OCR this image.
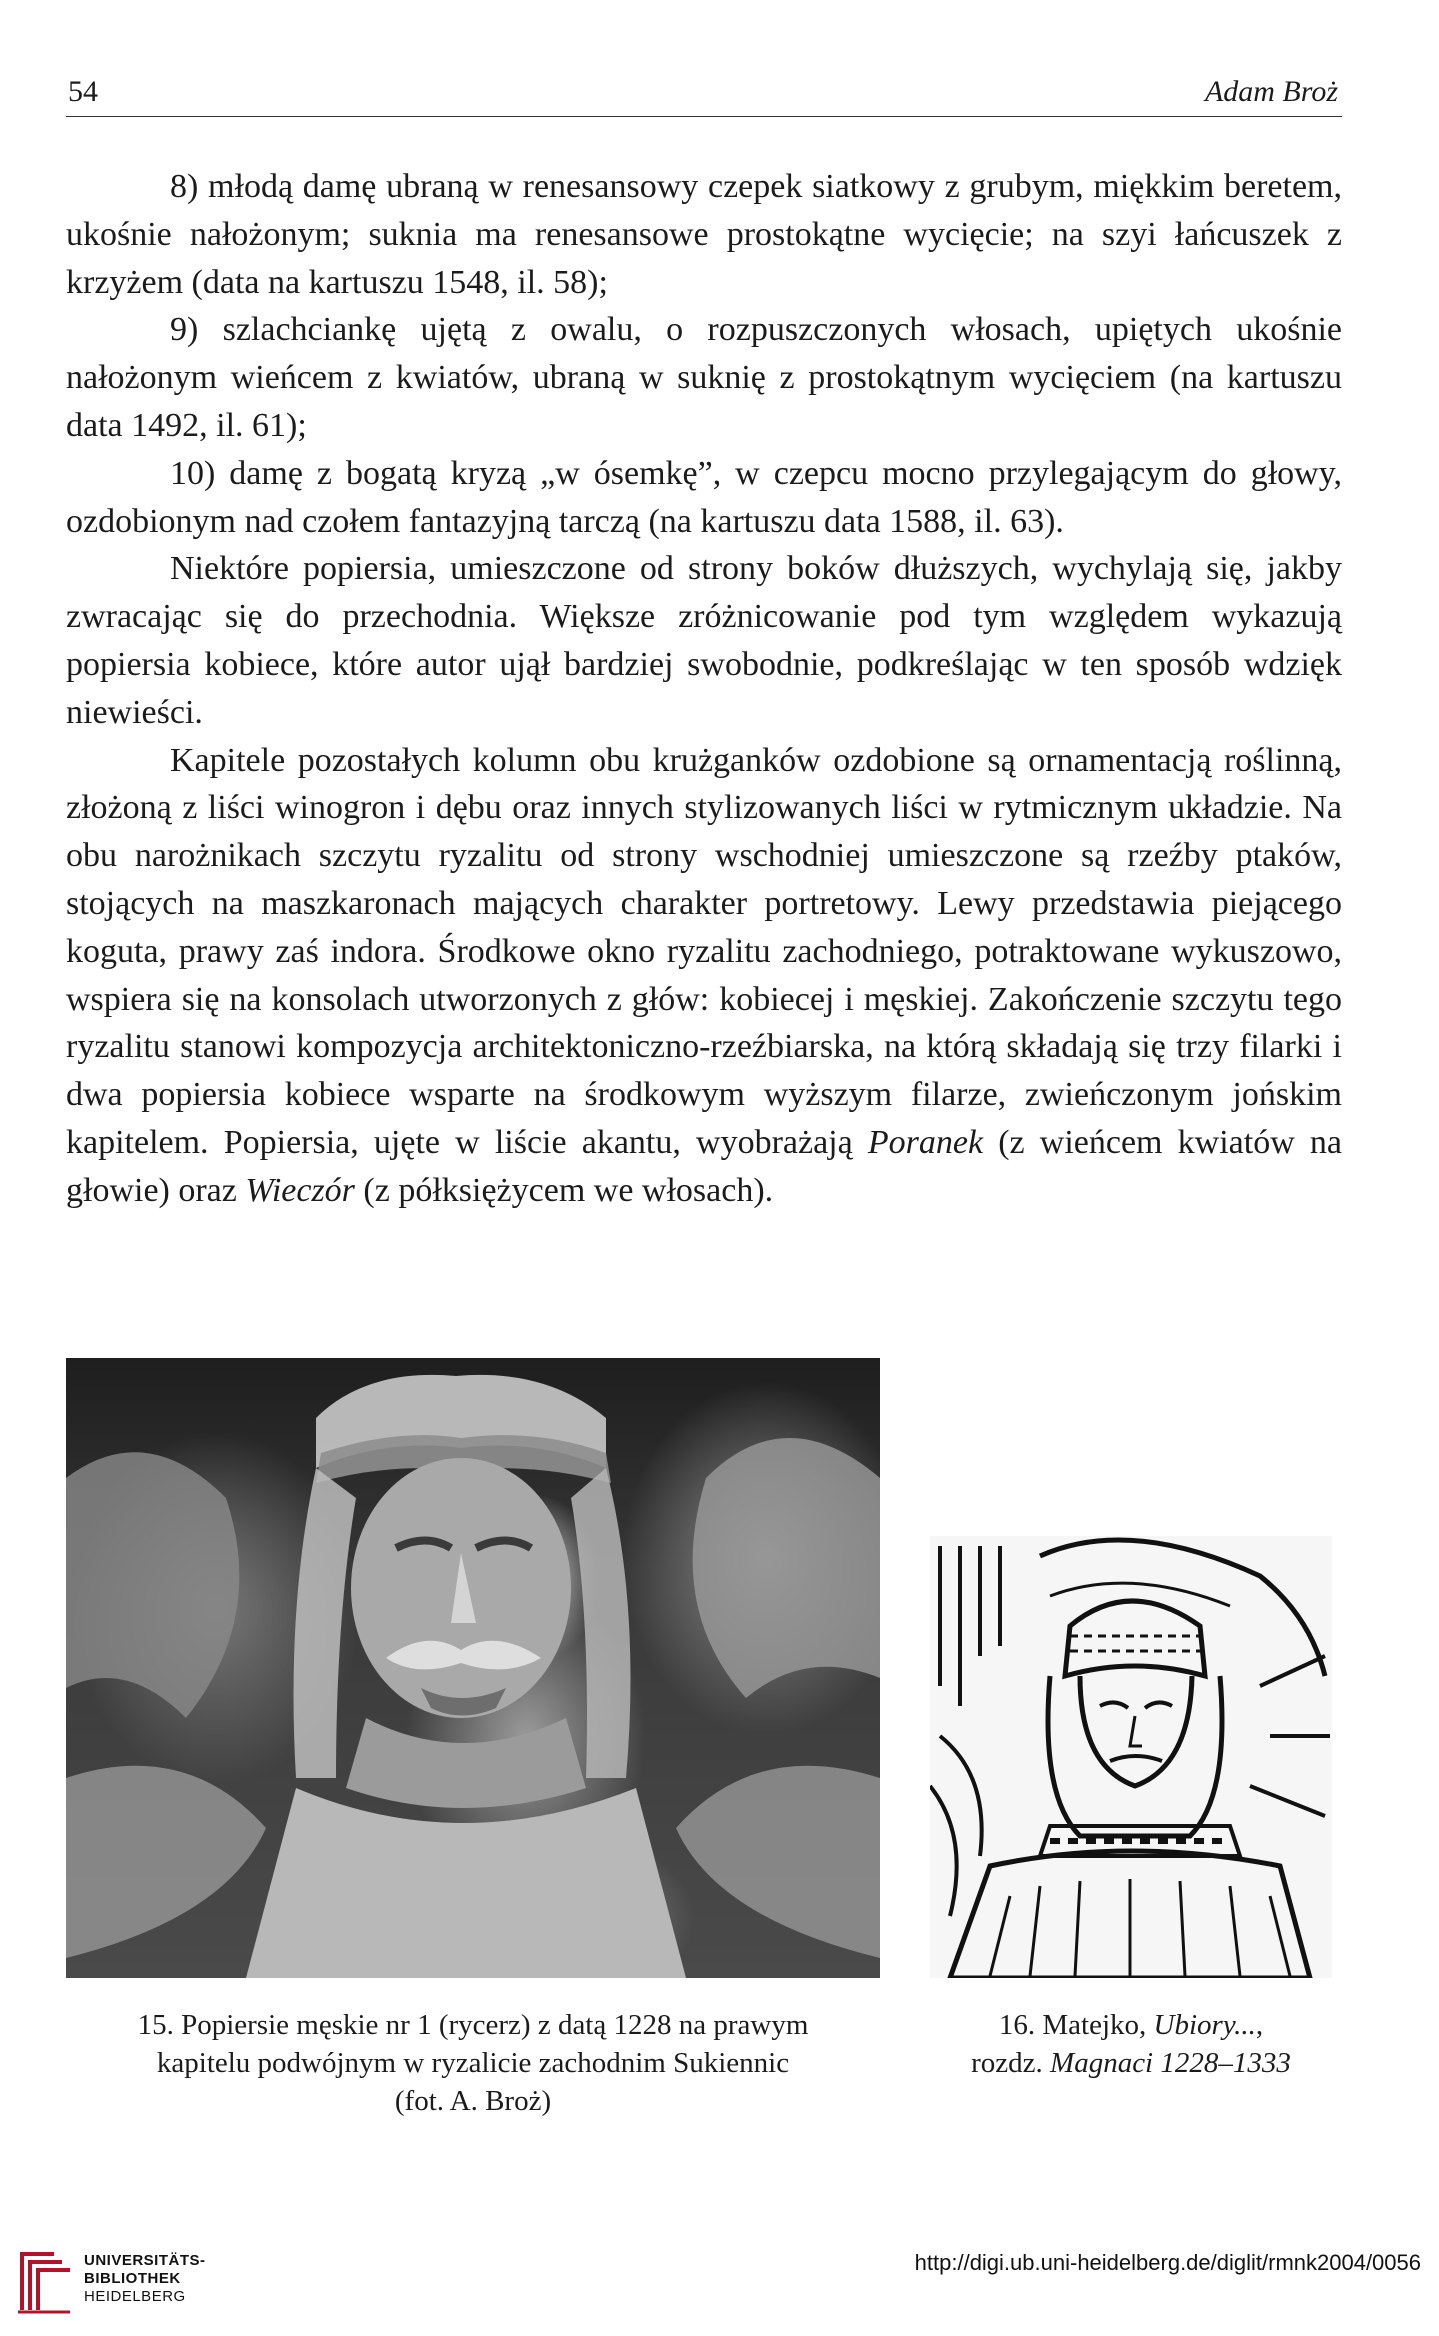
54	Adam Broż

8) młodą damę ubraną w renesansowy czepek siatkowy z grubym, miękkim beretem, ukośnie nałożonym; suknia ma renesansowe prostokątne wycięcie; na szyi łańcuszek z krzyżem (data na kartuszu 1548, il. 58);

9) szlachciankę ujętą z owalu, o rozpuszczonych włosach, upiętych ukośnie nałożonym wieńcem z kwiatów, ubraną w suknię z prostokątnym wycięciem (na kartuszu data 1492, il. 61);

10) damę z bogatą kryzą „w ósemkę”, w czepcu mocno przylegającym do głowy, ozdobionym nad czołem fantazyjną tarczą (na kartuszu data 1588, il. 63).

Niektóre popiersia, umieszczone od strony boków dłuższych, wychylają się, jakby zwracając się do przechodnia. Większe zróżnicowanie pod tym względem wykazują popiersia kobiece, które autor ujął bardziej swobodnie, podkreślając w ten sposób wdzięk niewieści.

Kapitele pozostałych kolumn obu krużganków ozdobione są ornamentacją roślinną, złożoną z liści winogron i dębu oraz innych stylizowanych liści w rytmicznym układzie. Na obu narożnikach szczytu ryzalitu od strony wschodniej umieszczone są rzeźby ptaków, stojących na maszkaronach mających charakter portretowy. Lewy przedstawia piejącego koguta, prawy zaś indora. Środkowe okno ryzalitu zachodniego, potraktowane wykuszowo, wspiera się na konsolach utworzonych z głów: kobiecej i męskiej. Zakończenie szczytu tego ryzalitu stanowi kompozycja architektoniczno-rzeźbiarska, na którą składają się trzy filarki i dwa popiersia kobiece wsparte na środkowym wyższym filarze, zwieńczonym jońskim kapitelem. Popiersia, ujęte w liście akantu, wyobrażają Poranek (z wieńcem kwiatów na głowie) oraz Wieczór (z półksiężycem we włosach).

15. Popiersie męskie nr 1 (rycerz) z datą 1228 na prawym
kapitelu podwójnym w ryzalicie zachodnim Sukiennic
(fot. A. Broż)
16. Matejko, Ubiory...,
rozdz. Magnaci 1228–1333
UNIVERSITÄTS-
BIBLIOTHEK
HEIDELBERG
http://digi.ub.uni-heidelberg.de/diglit/rmnk2004/0056
